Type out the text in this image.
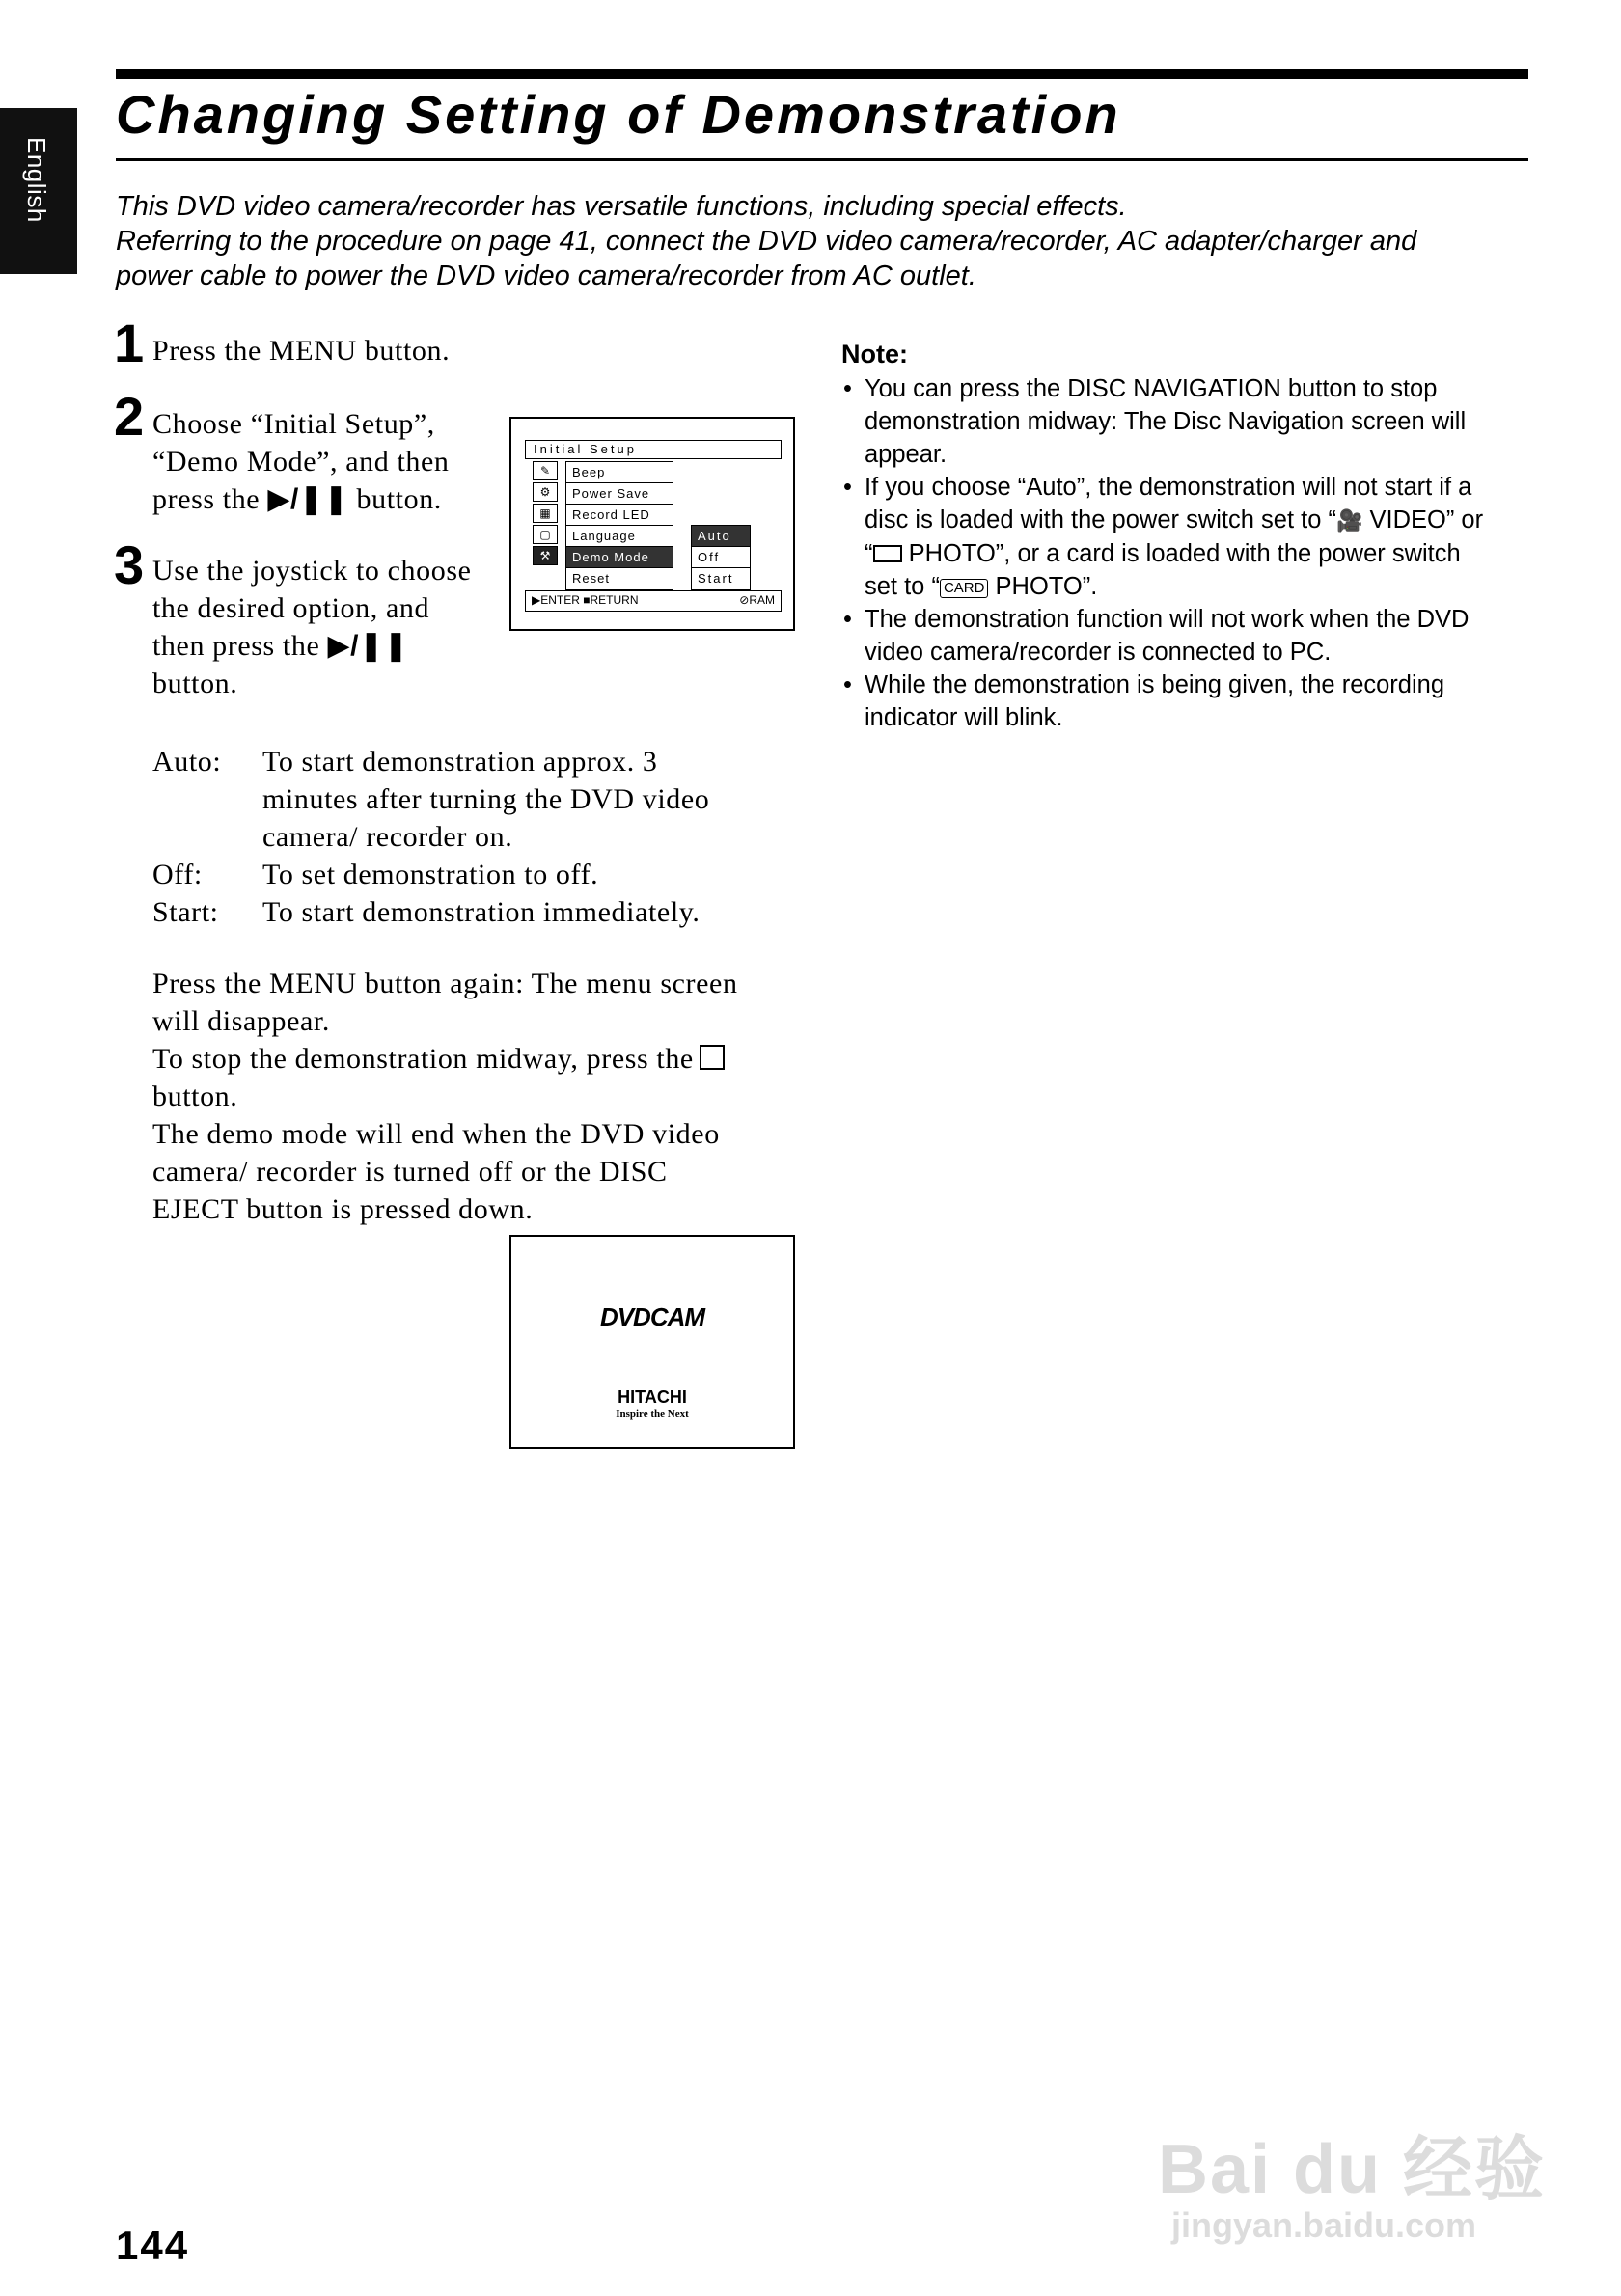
English
Changing Setting of Demonstration
This DVD video camera/recorder has versatile functions, including special effects.
Referring to the procedure on page 41, connect the DVD video camera/recorder, AC adapter/charger and
power cable to power the DVD video camera/recorder from AC outlet.
1 Press the MENU button.
2 Choose “Initial Setup”,
“Demo Mode”, and then
press the ▶/❚❚ button.
3 Use the joystick to choose
the desired option, and
then press the ▶/❚❚
button.
Initial Setup
✎
⚙
▦
▢
⚒
Beep
Power Save
Record LED
Language
Demo Mode
Reset
Auto
Off
Start
▶ENTER ■RETURN	⊘RAM
Auto:	To start demonstration approx. 3
minutes after turning the DVD video
camera/ recorder on.
Off:	To set demonstration to off.
Start:	To start demonstration immediately.
Press the MENU button again: The menu screen
will disappear.
To stop the demonstration midway, press the
button.
The demo mode will end when the DVD video
camera/ recorder is turned off or the DISC
EJECT button is pressed down.
DVDCAM
HITACHI
Inspire the Next
Note:
• You can press the DISC NAVIGATION button to stop
demonstration midway: The Disc Navigation screen will
appear.
• If you choose “Auto”, the demonstration will not start if a
disc is loaded with the power switch set to “🎥 VIDEO” or
“ PHOTO”, or a card is loaded with the power switch
set to “ CARD PHOTO”.
• The demonstration function will not work when the DVD
video camera/recorder is connected to PC.
• While the demonstration is being given, the recording
indicator will blink.
144
Bai du 经验
jingyan.baidu.com
